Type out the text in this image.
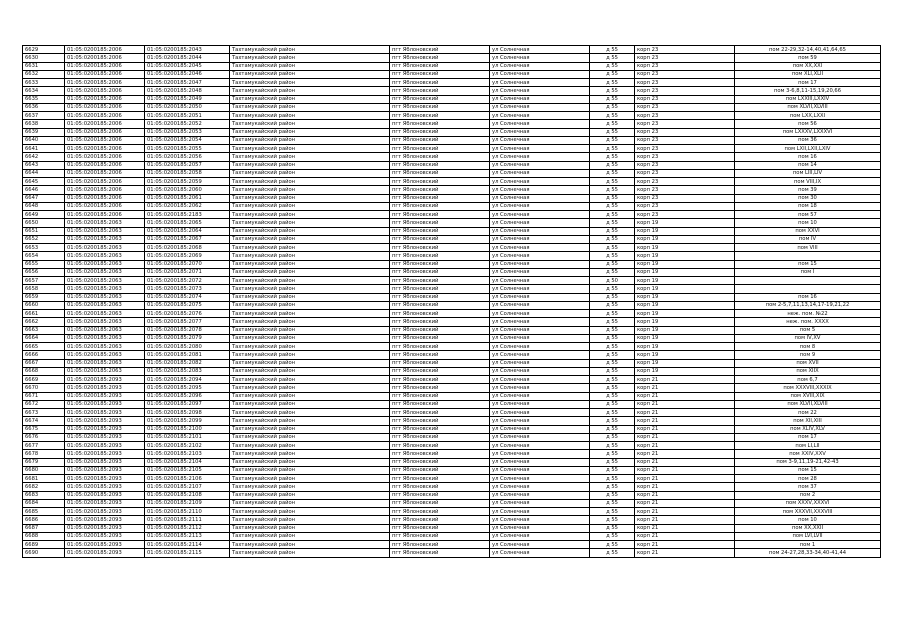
6629	01:05:0200185:2006	01:05:0200185:2043	Тахтамукайский район	пгт Яблоновский	ул Солнечная	д 55	корп 23	пом 22-29,32-14,40,41,64,65
6630	01:05:0200185:2006	01:05:0200185:2044	Тахтамукайский район	пгт Яблоновский	ул Солнечная	д 55	корп 23	пом 59
6631	01:05:0200185:2006	01:05:0200185:2045	Тахтамукайский район	пгт Яблоновский	ул Солнечная	д 55	корп 23	пом XX,XXI
6632	01:05:0200185:2006	01:05:0200185:2046	Тахтамукайский район	пгт Яблоновский	ул Солнечная	д 55	корп 23	пом XLI,XLII
6633	01:05:0200185:2006	01:05:0200185:2047	Тахтамукайский район	пгт Яблоновский	ул Солнечная	д 55	корп 23	пом 17
6634	01:05:0200185:2006	01:05:0200185:2048	Тахтамукайский район	пгт Яблоновский	ул Солнечная	д 55	корп 23	пом 3-6,8,11-15,19,20,66
6635	01:05:0200185:2006	01:05:0200185:2049	Тахтамукайский район	пгт Яблоновский	ул Солнечная	д 55	корп 23	пом LXXIII,LXXIV
6636	01:05:0200185:2006	01:05:0200185:2050	Тахтамукайский район	пгт Яблоновский	ул Солнечная	д 55	корп 23	пом XLVII,XLVIII
6637	01:05:0200185:2006	01:05:0200185:2051	Тахтамукайский район	пгт Яблоновский	ул Солнечная	д 55	корп 23	пом LXX,LXXI
6638	01:05:0200185:2006	01:05:0200185:2052	Тахтамукайский район	пгт Яблоновский	ул Солнечная	д 55	корп 23	пом 56
6639	01:05:0200185:2006	01:05:0200185:2053	Тахтамукайский район	пгт Яблоновский	ул Солнечная	д 55	корп 23	пом LXXXV,LXXXVI
6640	01:05:0200185:2006	01:05:0200185:2054	Тахтамукайский район	пгт Яблоновский	ул Солнечная	д 55	корп 23	пом 36
6641	01:05:0200185:2006	01:05:0200185:2055	Тахтамукайский район	пгт Яблоновский	ул Солнечная	д 55	корп 23	пом LXII,LXII,LXIV
6642	01:05:0200185:2006	01:05:0200185:2056	Тахтамукайский район	пгт Яблоновский	ул Солнечная	д 55	корп 23	пом 16
6643	01:05:0200185:2006	01:05:0200185:2057	Тахтамукайский район	пгт Яблоновский	ул Солнечная	д 55	корп 23	пом 14
6644	01:05:0200185:2006	01:05:0200185:2058	Тахтамукайский район	пгт Яблоновский	ул Солнечная	д 55	корп 23	пом LIII,LIV
6645	01:05:0200185:2006	01:05:0200185:2059	Тахтамукайский район	пгт Яблоновский	ул Солнечная	д 55	корп 23	пом VIII,IX
6646	01:05:0200185:2006	01:05:0200185:2060	Тахтамукайский район	пгт Яблоновский	ул Солнечная	д 55	корп 23	пом 39
6647	01:05:0200185:2006	01:05:0200185:2061	Тахтамукайский район	пгт Яблоновский	ул Солнечная	д 55	корп 23	пом 30
6648	01:05:0200185:2006	01:05:0200185:2062	Тахтамукайский район	пгт Яблоновский	ул Солнечная	д 55	корп 23	пом 18
6649	01:05:0200185:2006	01:05:0200185:2183	Тахтамукайский район	пгт Яблоновский	ул Солнечная	д 55	корп 23	пом 57
6650	01:05:0200185:2063	01:05:0200185:2065	Тахтамукайский район	пгт Яблоновский	ул Солнечная	д 55	корп 19	пом 10
6651	01:05:0200185:2063	01:05:0200185:2064	Тахтамукайский район	пгт Яблоновский	ул Солнечная	д 55	корп 19	пом XXVI
6652	01:05:0200185:2063	01:05:0200185:2067	Тахтамукайский район	пгт Яблоновский	ул Солнечная	д 55	корп 19	пом IV
6653	01:05:0200185:2063	01:05:0200185:2068	Тахтамукайский район	пгт Яблоновский	ул Солнечная	д 55	корп 19	пом VIII
6654	01:05:0200185:2063	01:05:0200185:2069	Тахтамукайский район	пгт Яблоновский	ул Солнечная	д 55	корп 19	
6655	01:05:0200185:2063	01:05:0200185:2070	Тахтамукайский район	пгт Яблоновский	ул Солнечная	д 55	корп 19	пом 15
6656	01:05:0200185:2063	01:05:0200185:2071	Тахтамукайский район	пгт Яблоновский	ул Солнечная	д 55	корп 19	пом I
6657	01:05:0200185:2063	01:05:0200185:2072	Тахтамукайский район	пгт Яблоновский	ул Солнечная	д 50	корп 19	
6658	01:05:0200185:2063	01:05:0200185:2073	Тахтамукайский район	пгт Яблоновский	ул Солнечная	д 55	корп 19	
6659	01:05:0200185:2063	01:05:0200185:2074	Тахтамукайский район	пгт Яблоновский	ул Солнечная	д 55	корп 19	пом 16
6660	01:05:0200185:2063	01:05:0200185:2075	Тахтамукайский район	пгт Яблоновский	ул Солнечная	д 55	корп 19	пом 2-5,7,11,13,14,17-19,21,22
6661	01:05:0200185:2063	01:05:0200185:2076	Тахтамукайский район	пгт Яблоновский	ул Солнечная	д 55	корп 19	неж. пом. №22
6662	01:05:0200185:2063	01:05:0200185:2077	Тахтамукайский район	пгт Яблоновский	ул Солнечная	д 55	корп 19	неж. пом. XXXX
6663	01:05:0200185:2063	01:05:0200185:2078	Тахтамукайский район	пгт Яблоновский	ул Солнечная	д 55	корп 19	пом 5
6664	01:05:0200185:2063	01:05:0200185:2079	Тахтамукайский район	пгт Яблоновский	ул Солнечная	д 55	корп 19	пом IV,XV
6665	01:05:0200185:2063	01:05:0200185:2080	Тахтамукайский район	пгт Яблоновский	ул Солнечная	д 55	корп 19	пом 8
6666	01:05:0200185:2063	01:05:0200185:2081	Тахтамукайский район	пгт Яблоновский	ул Солнечная	д 55	корп 19	пом 9
6667	01:05:0200185:2063	01:05:0200185:2082	Тахтамукайский район	пгт Яблоновский	ул Солнечная	д 55	корп 19	пом XVII
6668	01:05:0200185:2063	01:05:0200185:2083	Тахтамукайский район	пгт Яблоновский	ул Солнечная	д 55	корп 19	пом XIIX
6669	01:05:0200185:2093	01:05:0200185:2094	Тахтамукайский район	пгт Яблоновский	ул Солнечная	д 55	корп 21	пом 6,7
6670	01:05:0200185:2093	01:05:0200185:2095	Тахтамукайский район	пгт Яблоновский	ул Солнечная	д 55	корп 21	пом XXXVIII,XXXIX
6671	01:05:0200185:2093	01:05:0200185:2096	Тахтамукайский район	пгт Яблоновский	ул Солнечная	д 55	корп 21	пом XVIII,XIX
6672	01:05:0200185:2093	01:05:0200185:2097	Тахтамукайский район	пгт Яблоновский	ул Солнечная	д 55	корп 21	пом XLVII,XLVIII
6673	01:05:0200185:2093	01:05:0200185:2098	Тахтамукайский район	пгт Яблоновский	ул Солнечная	д 55	корп 21	пом 22
6674	01:05:0200185:2093	01:05:0200185:2099	Тахтамукайский район	пгт Яблоновский	ул Солнечная	д 55	корп 21	пом XII,XIII
6675	01:05:0200185:2093	01:05:0200185:2100	Тахтамукайский район	пгт Яблоновский	ул Солнечная	д 55	корп 21	пом XLIV,XLV
6676	01:05:0200185:2093	01:05:0200185:2101	Тахтамукайский район	пгт Яблоновский	ул Солнечная	д 55	корп 21	пом 17
6677	01:05:0200185:2093	01:05:0200185:2102	Тахтамукайский район	пгт Яблоновский	ул Солнечная	д 55	корп 21	пом LI,LII
6678	01:05:0200185:2093	01:05:0200185:2103	Тахтамукайский район	пгт Яблоновский	ул Солнечная	д 55	корп 21	пом XXIV,XXV
6679	01:05:0200185:2093	01:05:0200185:2104	Тахтамукайский район	пгт Яблоновский	ул Солнечная	д 55	корп 21	пом 3-9,11,19-21,42-43
6680	01:05:0200185:2093	01:05:0200185:2105	Тахтамукайский район	пгт Яблоновский	ул Солнечная	д 55	корп 21	пом 15
6681	01:05:0200185:2093	01:05:0200185:2106	Тахтамукайский район	пгт Яблоновский	ул Солнечная	д 55	корп 21	пом 28
6682	01:05:0200185:2093	01:05:0200185:2107	Тахтамукайский район	пгт Яблоновский	ул Солнечная	д 55	корп 21	пом 37
6683	01:05:0200185:2093	01:05:0200185:2108	Тахтамукайский район	пгт Яблоновский	ул Солнечная	д 55	корп 21	пом 2
6684	01:05:0200185:2093	01:05:0200185:2109	Тахтамукайский район	пгт Яблоновский	ул Солнечная	д 55	корп 21	пом XXXV,XXXVI
6685	01:05:0200185:2093	01:05:0200185:2110	Тахтамукайский район	пгт Яблоновский	ул Солнечная	д 55	корп 21	пом XXXVII,XXXVIII
6686	01:05:0200185:2093	01:05:0200185:2111	Тахтамукайский район	пгт Яблоновский	ул Солнечная	д 55	корп 21	пом 10
6687	01:05:0200185:2093	01:05:0200185:2112	Тахтамукайский район	пгт Яблоновский	ул Солнечная	д 55	корп 21	пом XX,XXII
6688	01:05:0200185:2093	01:05:0200185:2113	Тахтамукайский район	пгт Яблоновский	ул Солнечная	д 55	корп 21	пом LVI,LVII
6689	01:05:0200185:2093	01:05:0200185:2114	Тахтамукайский район	пгт Яблоновский	ул Солнечная	д 55	корп 21	пом 1
6690	01:05:0200185:2093	01:05:0200185:2115	Тахтамукайский район	пгт Яблоновский	ул Солнечная	д 55	корп 21	пом 24-27,28,33-34,40-41,44
